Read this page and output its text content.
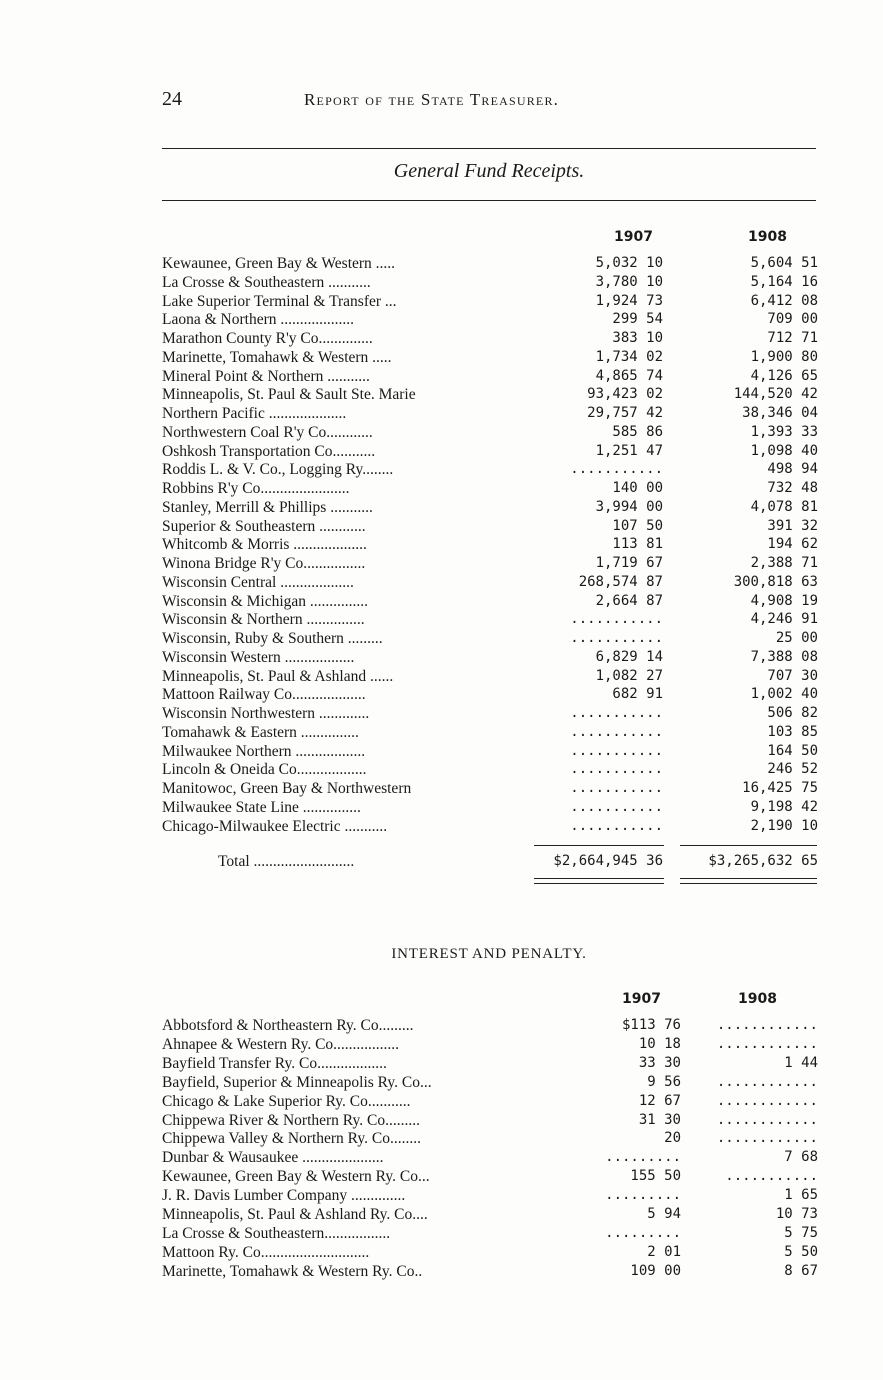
24	Report of the State Treasurer.
General Fund Receipts.
1907	1908
Kewaunee, Green Bay & Western .....	5,032 10	5,604 51
La Crosse & Southeastern ...........	3,780 10	5,164 16
Lake Superior Terminal & Transfer ...	1,924 73	6,412 08
Laona & Northern ...................	299 54	709 00
Marathon County R'y Co..............	383 10	712 71
Marinette, Tomahawk & Western .....	1,734 02	1,900 80
Mineral Point & Northern ...........	4,865 74	4,126 65
Minneapolis, St. Paul & Sault Ste. Marie	93,423 02	144,520 42
Northern Pacific ....................	29,757 42	38,346 04
Northwestern Coal R'y Co............	585 86	1,393 33
Oshkosh Transportation Co...........	1,251 47	1,098 40
Roddis L. & V. Co., Logging Ry........	...........	498 94
Robbins R'y Co.......................	140 00	732 48
Stanley, Merrill & Phillips ...........	3,994 00	4,078 81
Superior & Southeastern ............	107 50	391 32
Whitcomb & Morris ...................	113 81	194 62
Winona Bridge R'y Co................	1,719 67	2,388 71
Wisconsin Central ...................	268,574 87	300,818 63
Wisconsin & Michigan ...............	2,664 87	4,908 19
Wisconsin & Northern ...............	...........	4,246 91
Wisconsin, Ruby & Southern .........	...........	25 00
Wisconsin Western ..................	6,829 14	7,388 08
Minneapolis, St. Paul & Ashland ......	1,082 27	707 30
Mattoon Railway Co...................	682 91	1,002 40
Wisconsin Northwestern .............	...........	506 82
Tomahawk & Eastern ...............	...........	103 85
Milwaukee Northern ..................	...........	164 50
Lincoln & Oneida Co..................	...........	246 52
Manitowoc, Green Bay & Northwestern	...........	16,425 75
Milwaukee State Line ...............	...........	9,198 42
Chicago-Milwaukee Electric ...........	...........	2,190 10
Total ..........................	$2,664,945 36	$3,265,632 65
INTEREST AND PENALTY.
1907	1908
Abbotsford & Northeastern Ry. Co.........	$113 76	............
Ahnapee & Western Ry. Co.................	10 18	............
Bayfield Transfer Ry. Co..................	33 30	1 44
Bayfield, Superior & Minneapolis Ry. Co...	9 56	............
Chicago & Lake Superior Ry. Co...........	12 67	............
Chippewa River & Northern Ry. Co.........	31 30	............
Chippewa Valley & Northern Ry. Co........	20	............
Dunbar & Wausaukee .....................	.........	7 68
Kewaunee, Green Bay & Western Ry. Co...	155 50	...........
J. R. Davis Lumber Company ..............	.........	1 65
Minneapolis, St. Paul & Ashland Ry. Co....	5 94	10 73
La Crosse & Southeastern.................	.........	5 75
Mattoon Ry. Co............................	2 01	5 50
Marinette, Tomahawk & Western Ry. Co..	109 00	8 67
